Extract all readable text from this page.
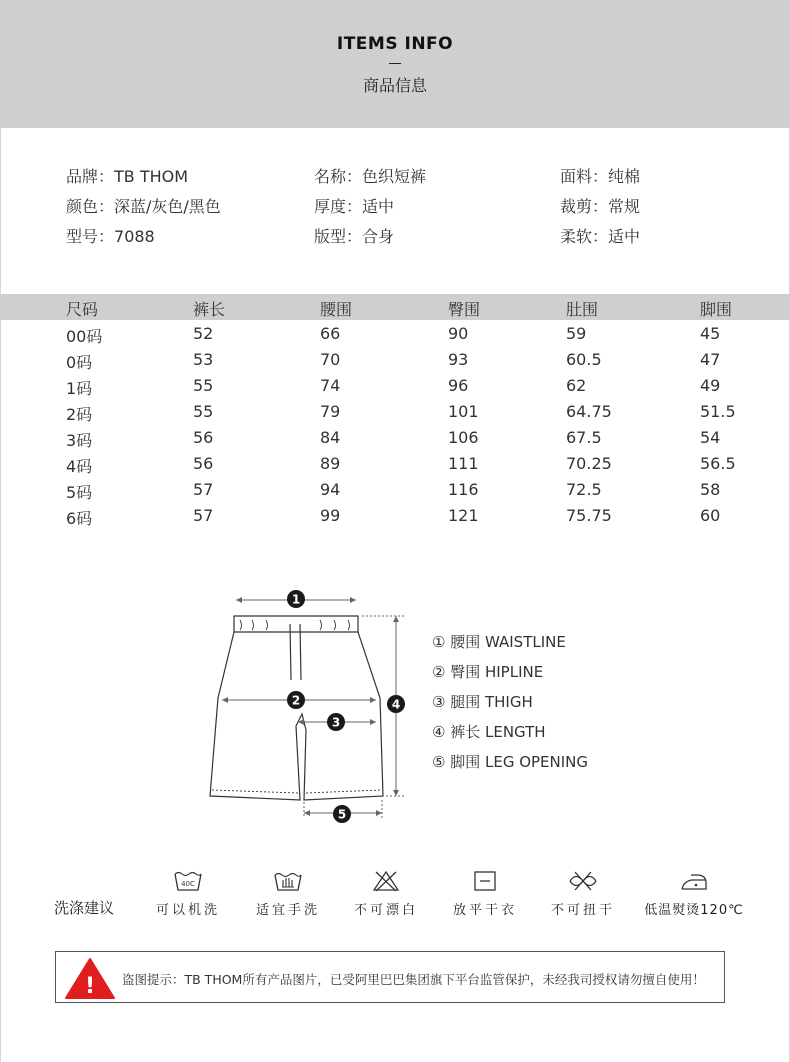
ITEMS INFO
商品信息
品牌：TB THOM	名称：色织短裤	面料：纯棉
颜色：深蓝/灰色/黑色	厚度：适中	裁剪：常规
型号：7088	版型：合身	柔软：适中
尺码	裤长	腰围	臀围	肚围	脚围
00码	52	66	90	59	45
0码	53	70	93	60.5	47
1码	55	74	96	62	49
2码	55	79	101	64.75	51.5
3码	56	84	106	67.5	54
4码	56	89	111	70.25	56.5
5码	57	94	116	72.5	58
6码	57	99	121	75.75	60
1
2
3
4
5
① 腰围 WAISTLINE
② 臀围 HIPLINE
③ 腿围 THIGH
④ 裤长 LENGTH
⑤ 脚围 LEG OPENING
洗涤建议
40C
可以机洗	适宜手洗	不可漂白	放平干衣	不可扭干	低温熨烫120℃
! 盗图提示：TB THOM所有产品图片，已受阿里巴巴集团旗下平台监管保护，未经我司授权请勿擅自使用！
